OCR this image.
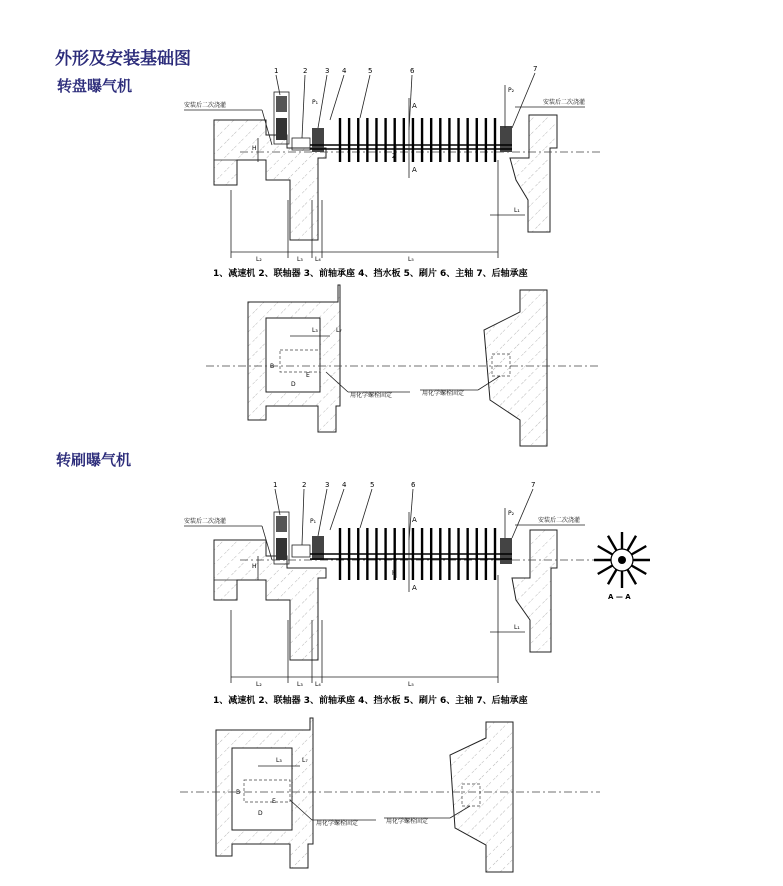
外形及安装基础图
转盘曝气机
转刷曝气机
1、减速机 2、联轴器 3、前轴承座 4、挡水板 5、刷片 6、主轴 7、后轴承座
1、减速机 2、联轴器 3、前轴承座 4、挡水板 5、刷片 6、主轴 7、后轴承座
A
A
1	2	3 4	5	6	7
P₁
P₂
安装后二次浇灌	安装后二次浇灌
L₂	L₃ L₄	L₅
L₁
H
Z
L₃	L₇
B
E
D
用化学螺栓固定	用化学螺栓固定
A
A
1	2	3 4	5	6	7
P₁
P₂
安装后二次浇灌	安装后二次浇灌
L₂	L₃ L₄	L₅
L₁
H
h
A — A
L₃	L₇
B
E
D
用化学螺栓固定	用化学螺栓固定
